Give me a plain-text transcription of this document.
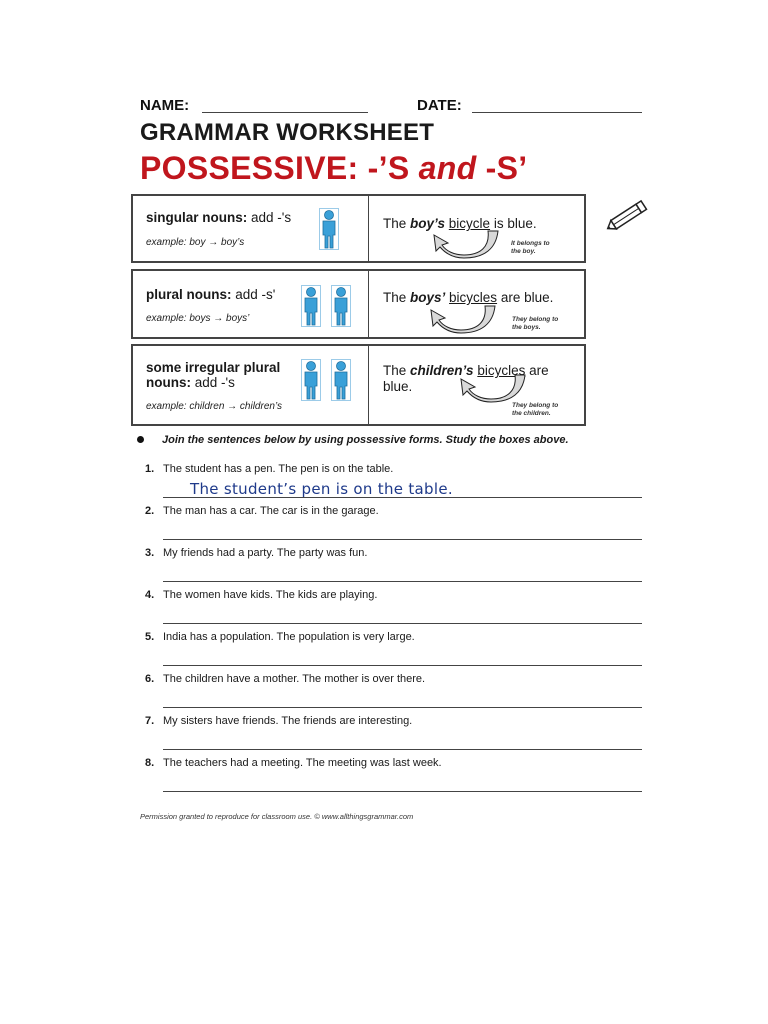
NAME:	DATE:
GRAMMAR WORKSHEET
POSSESSIVE: -’S and -S’
singular nouns: add -'s
example: boy → boy’s
The boy’s bicycle is blue.
It belongs to
the boy.
plural nouns: add -s'
example: boys → boys’
The boys’ bicycles are blue.
They belong to
the boys.
some irregular plural
nouns: add -'s
example: children → children’s
The children’s bicycles are
blue.
They belong to
the children.
Join the sentences below by using possessive forms. Study the boxes above.
1. The student has a pen. The pen is on the table.
2. The man has a car. The car is in the garage.
3. My friends had a party. The party was fun.
4. The women have kids. The kids are playing.
5. India has a population. The population is very large.
6. The children have a mother. The mother is over there.
7. My sisters have friends. The friends are interesting.
8. The teachers had a meeting. The meeting was last week.
The student’s pen is on the table.
Permission granted to reproduce for classroom use. © www.allthingsgrammar.com
